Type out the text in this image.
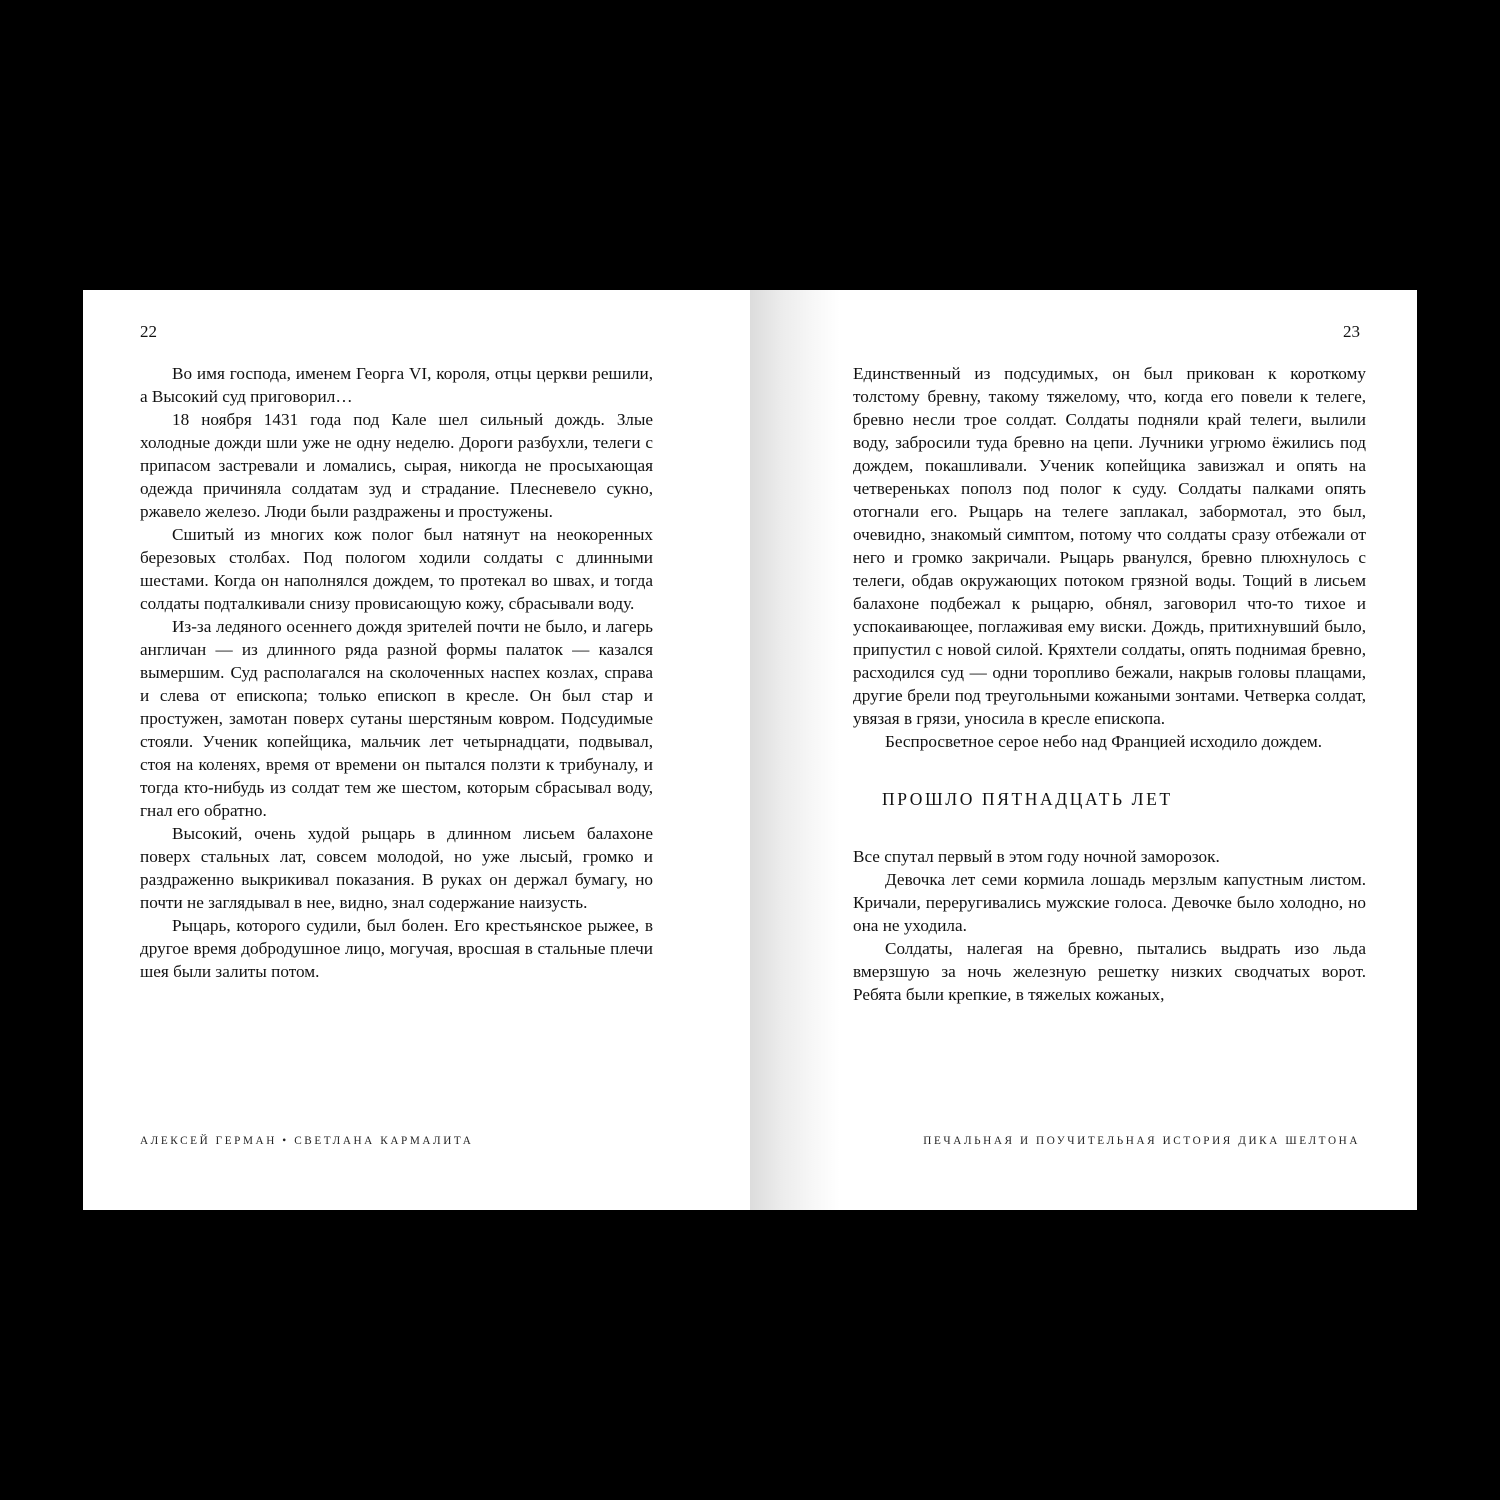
22

Во имя господа, именем Георга VI, короля, отцы церкви решили, а Высокий суд приговорил…

18 ноября 1431 года под Кале шел сильный дождь. Злые холодные дожди шли уже не одну неделю. Дороги разбухли, телеги с припасом застревали и ломались, сырая, никогда не просыхающая одежда причиняла солдатам зуд и страдание. Плесневело сукно, ржавело железо. Люди были раздражены и простужены.

Сшитый из многих кож полог был натянут на неокоренных березовых столбах. Под пологом ходили солдаты с длинными шестами. Когда он наполнялся дождем, то протекал во швах, и тогда солдаты подталкивали снизу провисающую кожу, сбрасывали воду.

Из-за ледяного осеннего дождя зрителей почти не было, и лагерь англичан — из длинного ряда разной формы палаток — казался вымершим. Суд располагался на сколоченных наспех козлах, справа и слева от епископа; только епископ в кресле. Он был стар и простужен, замотан поверх сутаны шерстяным ковром. Подсудимые стояли. Ученик копейщика, мальчик лет четырнадцати, подвывал, стоя на коленях, время от времени он пытался ползти к трибуналу, и тогда кто-нибудь из солдат тем же шестом, которым сбрасывал воду, гнал его обратно.

Высокий, очень худой рыцарь в длинном лисьем балахоне поверх стальных лат, совсем молодой, но уже лысый, громко и раздраженно выкрикивал показания. В руках он держал бумагу, но почти не заглядывал в нее, видно, знал содержание наизусть.

Рыцарь, которого судили, был болен. Его крестьянское рыжее, в другое время добродушное лицо, могучая, вросшая в стальные плечи шея были залиты потом.

АЛЕКСЕЙ ГЕРМАН • СВЕТЛАНА КАРМАЛИТА
23

Единственный из подсудимых, он был прикован к короткому толстому бревну, такому тяжелому, что, когда его повели к телеге, бревно несли трое солдат. Солдаты подняли край телеги, вылили воду, забросили туда бревно на цепи. Лучники угрюмо ёжились под дождем, покашливали. Ученик копейщика завизжал и опять на четвереньках пополз под полог к суду. Солдаты палками опять отогнали его. Рыцарь на телеге заплакал, забормотал, это был, очевидно, знакомый симптом, потому что солдаты сразу отбежали от него и громко закричали. Рыцарь рванулся, бревно плюхнулось с телеги, обдав окружающих потоком грязной воды. Тощий в лисьем балахоне подбежал к рыцарю, обнял, заговорил что-то тихое и успокаивающее, поглаживая ему виски. Дождь, притихнувший было, припустил с новой силой. Кряхтели солдаты, опять поднимая бревно, расходился суд — одни торопливо бежали, накрыв головы плащами, другие брели под треугольными кожаными зонтами. Четверка солдат, увязая в грязи, уносила в кресле епископа.

Беспросветное серое небо над Францией исходило дождем.

ПРОШЛО ПЯТНАДЦАТЬ ЛЕТ

Все спутал первый в этом году ночной заморозок.

Девочка лет семи кормила лошадь мерзлым капустным листом. Кричали, переругивались мужские голоса. Девочке было холодно, но она не уходила.

Солдаты, налегая на бревно, пытались выдрать изо льда вмерзшую за ночь железную решетку низких сводчатых ворот. Ребята были крепкие, в тяжелых кожаных,

ПЕЧАЛЬНАЯ И ПОУЧИТЕЛЬНАЯ ИСТОРИЯ ДИКА ШЕЛТОНА
